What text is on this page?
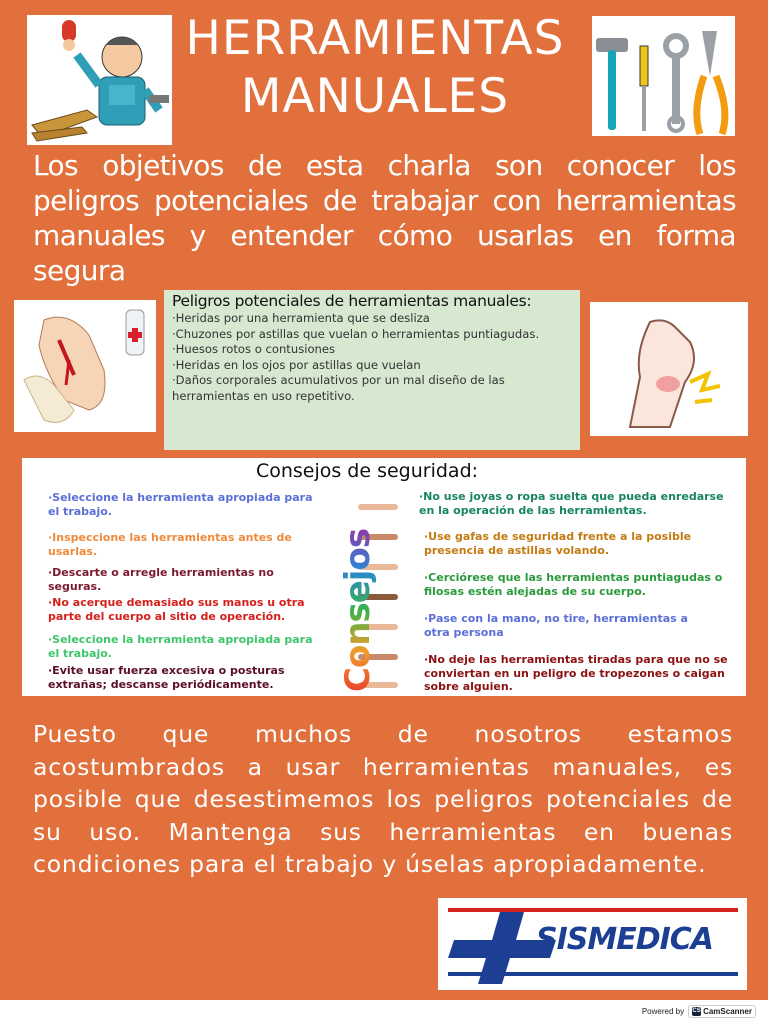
HERRAMIENTAS
MANUALES

Los objetivos de esta charla son conocer los peligros potenciales de trabajar con herramientas manuales y entender cómo usarlas en forma segura

Peligros potenciales de herramientas manuales:
·Heridas por una herramienta que se desliza
·Chuzones por astillas que vuelan o herramientas puntiagudas.
·Huesos rotos o contusiones
·Heridas en los ojos por astillas que vuelan
·Daños corporales acumulativos por un mal diseño de las herramientas en uso repetitivo.
Consejos de seguridad:
·Seleccione la herramienta apropiada para el trabajo.
·Inspeccione las herramientas antes de usarlas.
·Descarte o arregle herramientas no seguras.
·No acerque demasiado sus manos u otra parte del cuerpo al sitio de operación.
·Seleccione la herramienta apropiada para el trabajo.
·Evite usar fuerza excesiva o posturas extrañas; descanse periódicamente.	Consejos
·No use joyas o ropa suelta que pueda enredarse en la operación de las herramientas.
·Use gafas de seguridad frente a la posible presencia de astillas volando.
·Cerciórese que las herramientas puntiagudas o filosas estén alejadas de su cuerpo.
·Pase con la mano, no tire, herramientas a otra persona
·No deje las herramientas tiradas para que no se conviertan en un peligro de tropezones o caigan sobre alguien.

Puesto que muchos de nosotros estamos acostumbrados a usar herramientas manuales, es posible que desestimemos los peligros potenciales de su uso. Mantenga sus herramientas en buenas condiciones para el trabajo y úselas apropiadamente.

SISMEDICA
Powered by CS CamScanner
